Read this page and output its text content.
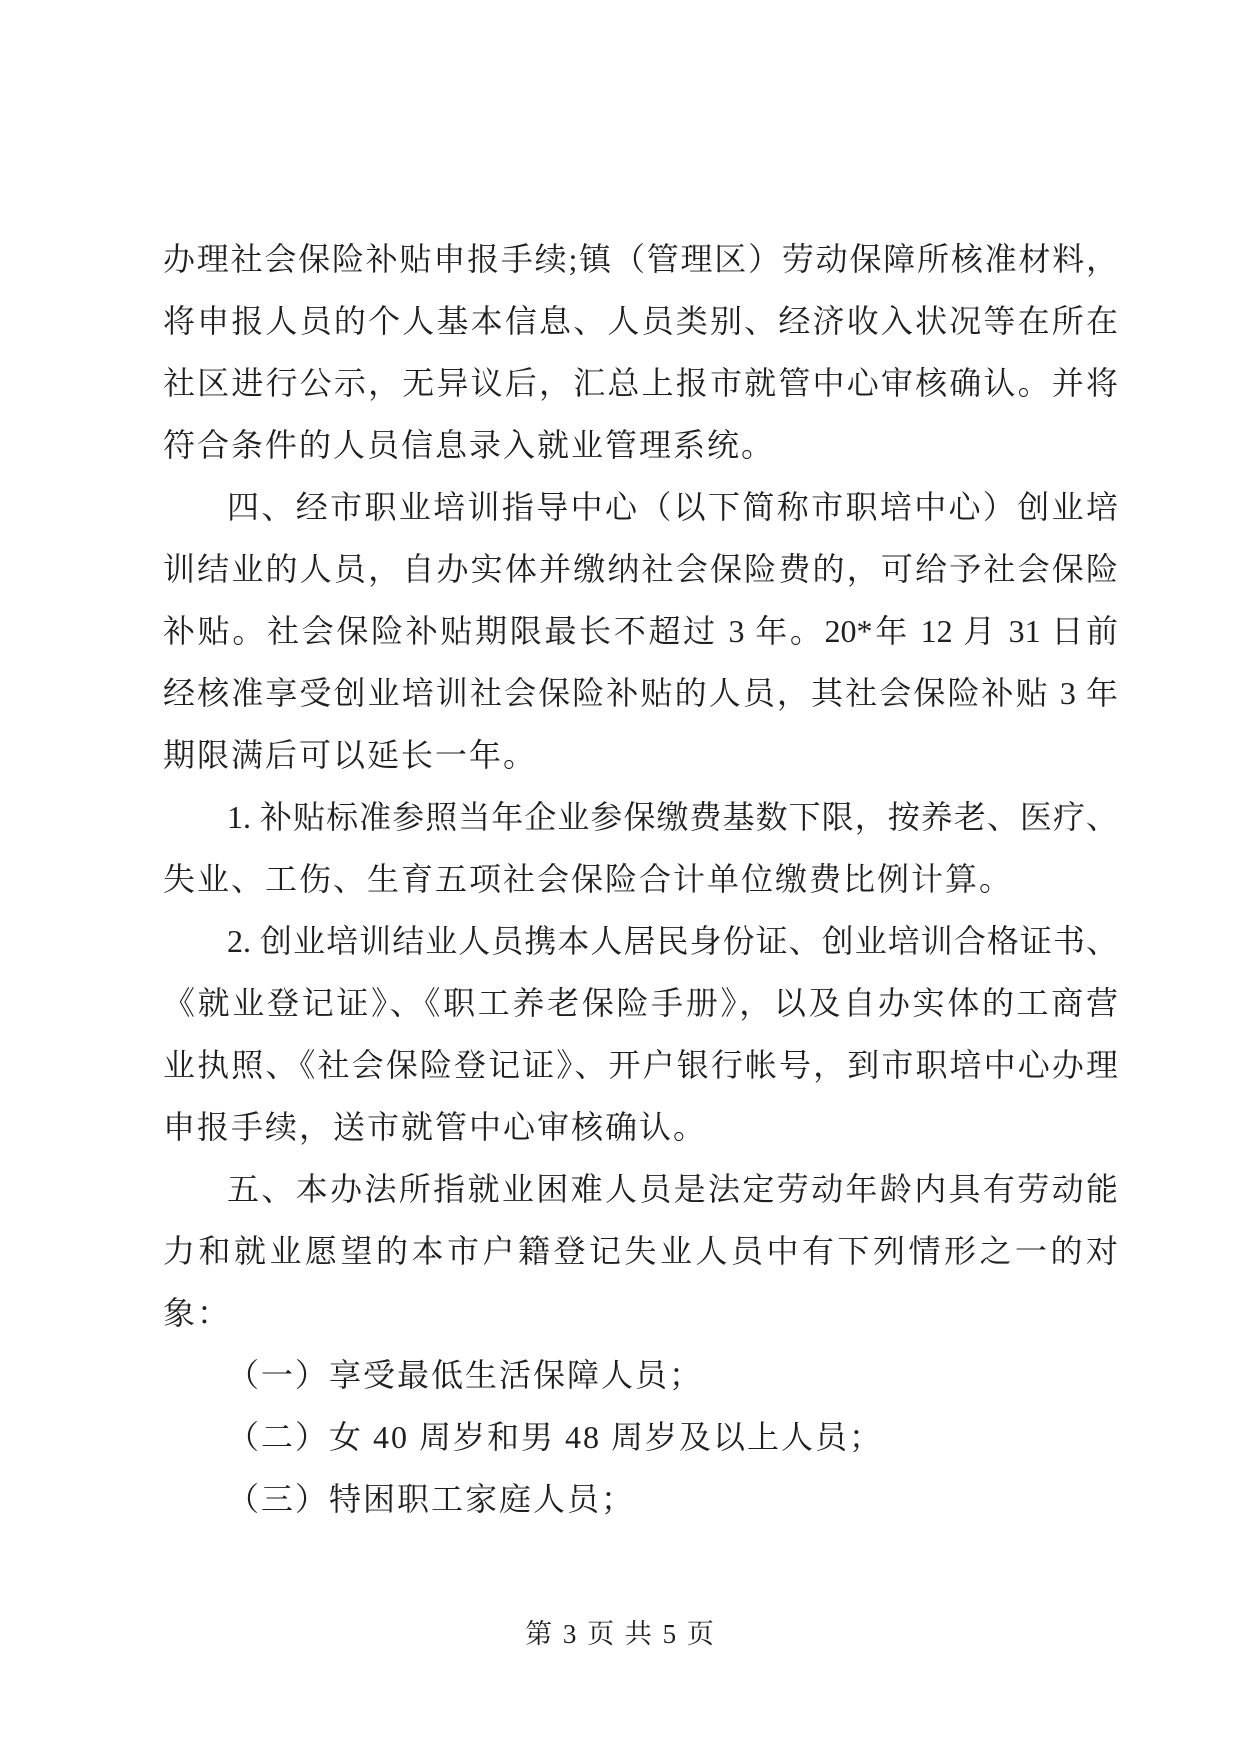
办理社会保险补贴申报手续;镇（管理区）劳动保障所核准材料，
将申报人员的个人基本信息、人员类别、经济收入状况等在所在
社区进行公示，无异议后，汇总上报市就管中心审核确认。并将
符合条件的人员信息录入就业管理系统。
四、经市职业培训指导中心（以下简称市职培中心）创业培
训结业的人员，自办实体并缴纳社会保险费的，可给予社会保险
补贴。社会保险补贴期限最长不超过 3 年。20*年 12 月 31 日前
经核准享受创业培训社会保险补贴的人员，其社会保险补贴 3 年
期限满后可以延长一年。
1. 补贴标准参照当年企业参保缴费基数下限，按养老、医疗、
失业、工伤、生育五项社会保险合计单位缴费比例计算。
2. 创业培训结业人员携本人居民身份证、创业培训合格证书、
《就业登记证》、《职工养老保险手册》，以及自办实体的工商营
业执照、《社会保险登记证》、开户银行帐号，到市职培中心办理
申报手续，送市就管中心审核确认。
五、本办法所指就业困难人员是法定劳动年龄内具有劳动能
力和就业愿望的本市户籍登记失业人员中有下列情形之一的对
象：
（一）享受最低生活保障人员；
（二）女 40 周岁和男 48 周岁及以上人员；
（三）特困职工家庭人员；
第 3 页 共 5 页
